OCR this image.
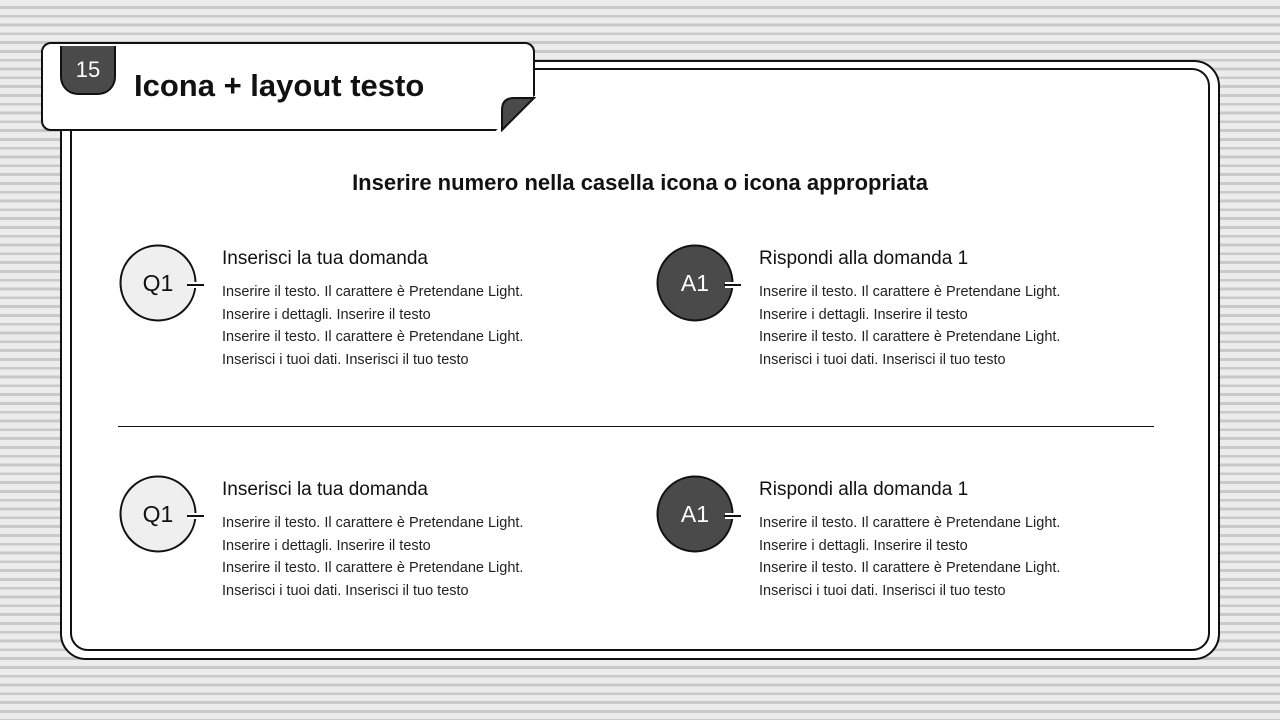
15	Icona + layout testo
Inserire numero nella casella icona o icona appropriata
Q1
Inserisci la tua domanda
Inserire il testo. Il carattere è Pretendane Light.
Inserire i dettagli. Inserire il testo
Inserire il testo. Il carattere è Pretendane Light.
Inserisci i tuoi dati. Inserisci il tuo testo
A1
Rispondi alla domanda 1
Inserire il testo. Il carattere è Pretendane Light.
Inserire i dettagli. Inserire il testo
Inserire il testo. Il carattere è Pretendane Light.
Inserisci i tuoi dati. Inserisci il tuo testo
Q1
Inserisci la tua domanda
Inserire il testo. Il carattere è Pretendane Light.
Inserire i dettagli. Inserire il testo
Inserire il testo. Il carattere è Pretendane Light.
Inserisci i tuoi dati. Inserisci il tuo testo
A1
Rispondi alla domanda 1
Inserire il testo. Il carattere è Pretendane Light.
Inserire i dettagli. Inserire il testo
Inserire il testo. Il carattere è Pretendane Light.
Inserisci i tuoi dati. Inserisci il tuo testo
